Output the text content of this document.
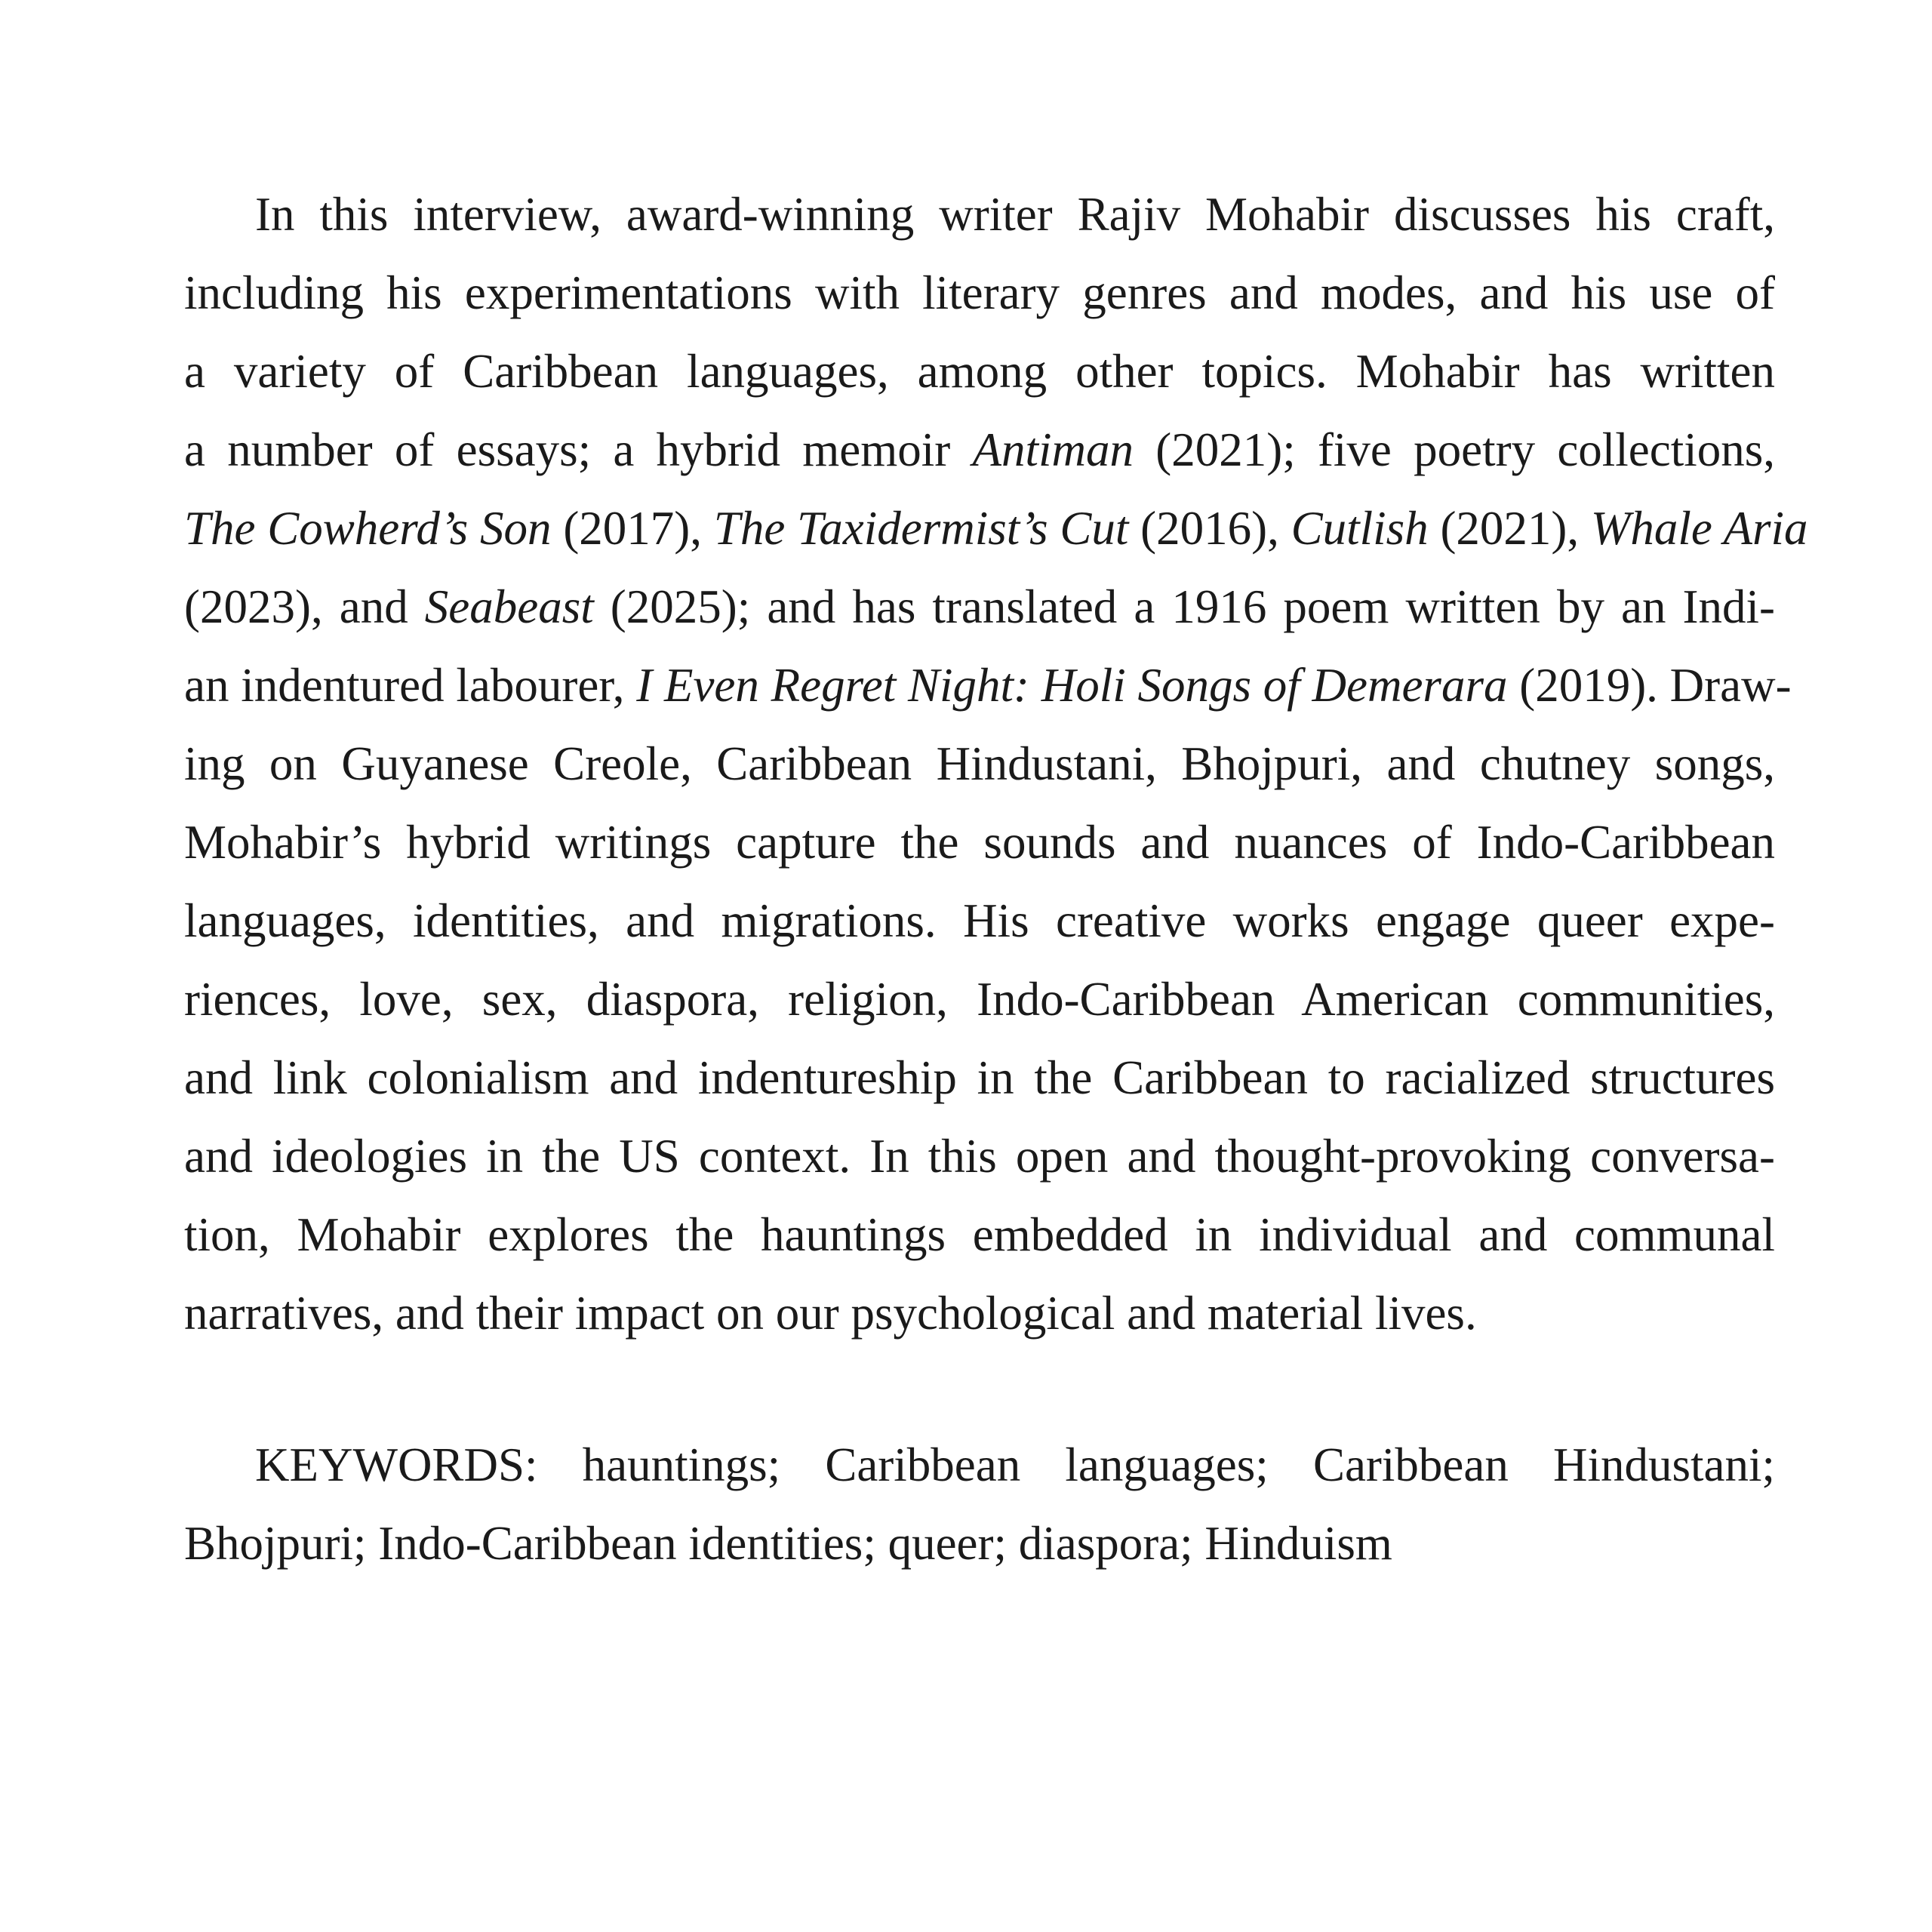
In this interview, award-winning writer Rajiv Mohabir discusses his craft,
including his experimentations with literary genres and modes, and his use of
a variety of Caribbean languages, among other topics. Mohabir has written
a number of essays; a hybrid memoir Antiman (2021); five poetry collections,
The Cowherd’s Son (2017), The Taxidermist’s Cut (2016), Cutlish (2021), Whale Aria
(2023), and Seabeast (2025); and has translated a 1916 poem written by an Indi-
an indentured labourer, I Even Regret Night: Holi Songs of Demerara (2019). Draw-
ing on Guyanese Creole, Caribbean Hindustani, Bhojpuri, and chutney songs,
Mohabir’s hybrid writings capture the sounds and nuances of Indo-Caribbean
languages, identities, and migrations. His creative works engage queer expe-
riences, love, sex, diaspora, religion, Indo-Caribbean American communities,
and link colonialism and indentureship in the Caribbean to racialized structures
and ideologies in the US context. In this open and thought-provoking conversa-
tion, Mohabir explores the hauntings embedded in individual and communal
narratives, and their impact on our psychological and material lives.
KEYWORDS: hauntings; Caribbean languages; Caribbean Hindustani;
Bhojpuri; Indo-Caribbean identities; queer; diaspora; Hinduism
